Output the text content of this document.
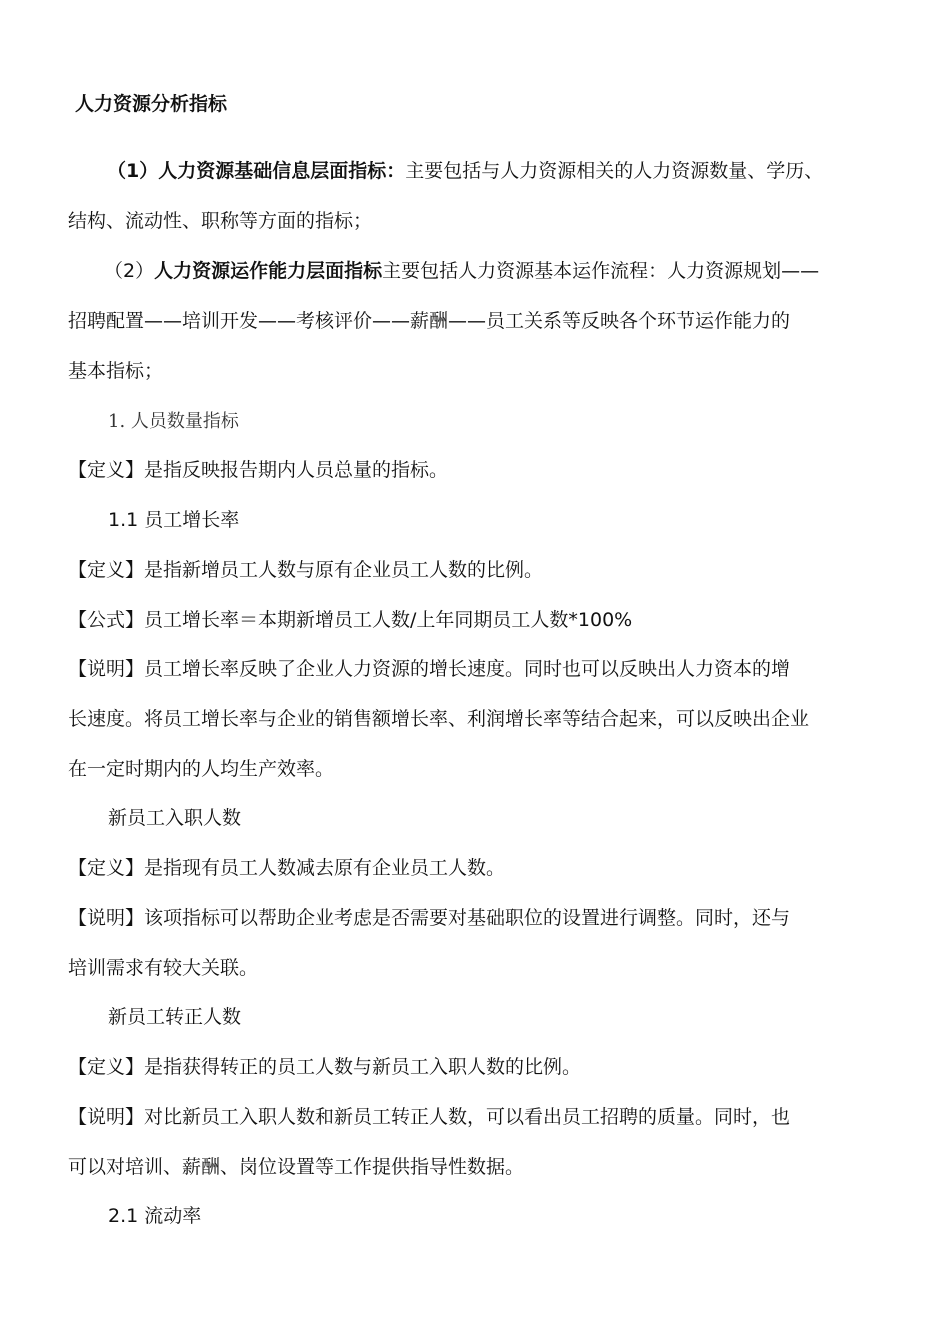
人力资源分析指标
（1）人力资源基础信息层面指标：主要包括与人力资源相关的人力资源数量、学历、
结构、流动性、职称等方面的指标；
（2）人力资源运作能力层面指标主要包括人力资源基本运作流程：人力资源规划——
招聘配置——培训开发——考核评价——薪酬——员工关系等反映各个环节运作能力的
基本指标；
1. 人员数量指标
【定义】是指反映报告期内人员总量的指标。
1.1 员工增长率
【定义】是指新增员工人数与原有企业员工人数的比例。
【公式】员工增长率＝本期新增员工人数/上年同期员工人数*100%
【说明】员工增长率反映了企业人力资源的增长速度。同时也可以反映出人力资本的增
长速度。将员工增长率与企业的销售额增长率、利润增长率等结合起来，可以反映出企业
在一定时期内的人均生产效率。
新员工入职人数
【定义】是指现有员工人数减去原有企业员工人数。
【说明】该项指标可以帮助企业考虑是否需要对基础职位的设置进行调整。同时，还与
培训需求有较大关联。
新员工转正人数
【定义】是指获得转正的员工人数与新员工入职人数的比例。
【说明】对比新员工入职人数和新员工转正人数，可以看出员工招聘的质量。同时，也
可以对培训、薪酬、岗位设置等工作提供指导性数据。
2.1 流动率
